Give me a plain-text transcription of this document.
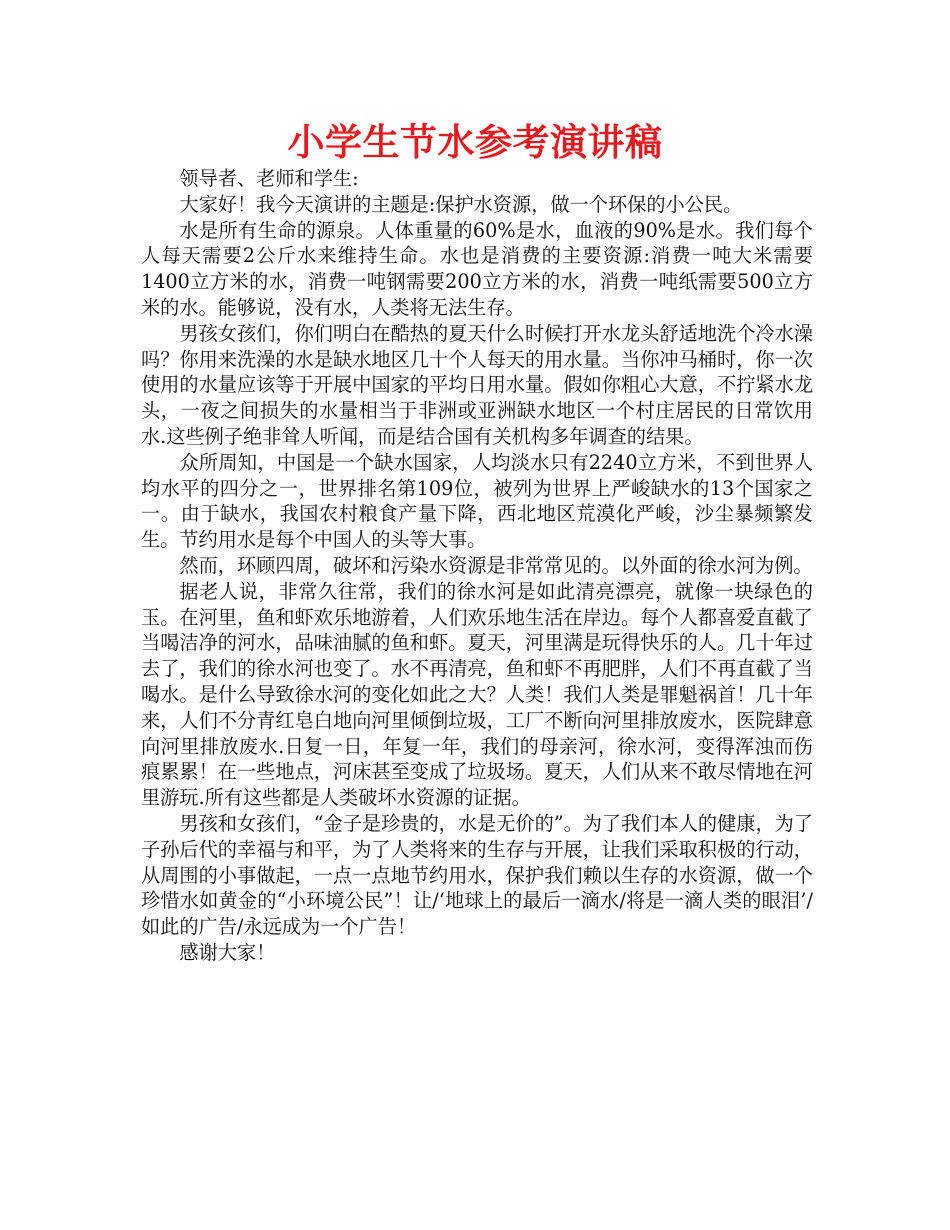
小学生节水参考演讲稿

领导者、老师和学生:

大家好！我今天演讲的主题是:保护水资源，做一个环保的小公民。

水是所有生命的源泉。人体重量的60%是水，血液的90%是水。我们每个人每天需要2公斤水来维持生命。水也是消费的主要资源:消费一吨大米需要1400立方米的水，消费一吨钢需要200立方米的水，消费一吨纸需要500立方米的水。能够说，没有水，人类将无法生存。

男孩女孩们，你们明白在酷热的夏天什么时候打开水龙头舒适地洗个冷水澡吗？你用来洗澡的水是缺水地区几十个人每天的用水量。当你冲马桶时，你一次使用的水量应该等于开展中国家的平均日用水量。假如你粗心大意，不拧紧水龙头，一夜之间损失的水量相当于非洲或亚洲缺水地区一个村庄居民的日常饮用水.这些例子绝非耸人听闻，而是结合国有关机构多年调查的结果。

众所周知，中国是一个缺水国家，人均淡水只有2240立方米，不到世界人均水平的四分之一，世界排名第109位，被列为世界上严峻缺水的13个国家之一。由于缺水，我国农村粮食产量下降，西北地区荒漠化严峻，沙尘暴频繁发生。节约用水是每个中国人的头等大事。

然而，环顾四周，破坏和污染水资源是非常常见的。以外面的徐水河为例。

据老人说，非常久往常，我们的徐水河是如此清亮漂亮，就像一块绿色的玉。在河里，鱼和虾欢乐地游着，人们欢乐地生活在岸边。每个人都喜爱直截了当喝洁净的河水，品味油腻的鱼和虾。夏天，河里满是玩得快乐的人。几十年过去了，我们的徐水河也变了。水不再清亮，鱼和虾不再肥胖，人们不再直截了当喝水。是什么导致徐水河的变化如此之大？人类！我们人类是罪魁祸首！几十年来，人们不分青红皂白地向河里倾倒垃圾，工厂不断向河里排放废水，医院肆意向河里排放废水.日复一日，年复一年，我们的母亲河，徐水河，变得浑浊而伤痕累累！在一些地点，河床甚至变成了垃圾场。夏天，人们从来不敢尽情地在河里游玩.所有这些都是人类破坏水资源的证据。

男孩和女孩们，“金子是珍贵的，水是无价的”。为了我们本人的健康，为了子孙后代的幸福与和平，为了人类将来的生存与开展，让我们采取积极的行动，从周围的小事做起，一点一点地节约用水，保护我们赖以生存的水资源，做一个珍惜水如黄金的“小环境公民”！让/‘地球上的最后一滴水/将是一滴人类的眼泪’/如此的广告/永远成为一个广告！

感谢大家！
